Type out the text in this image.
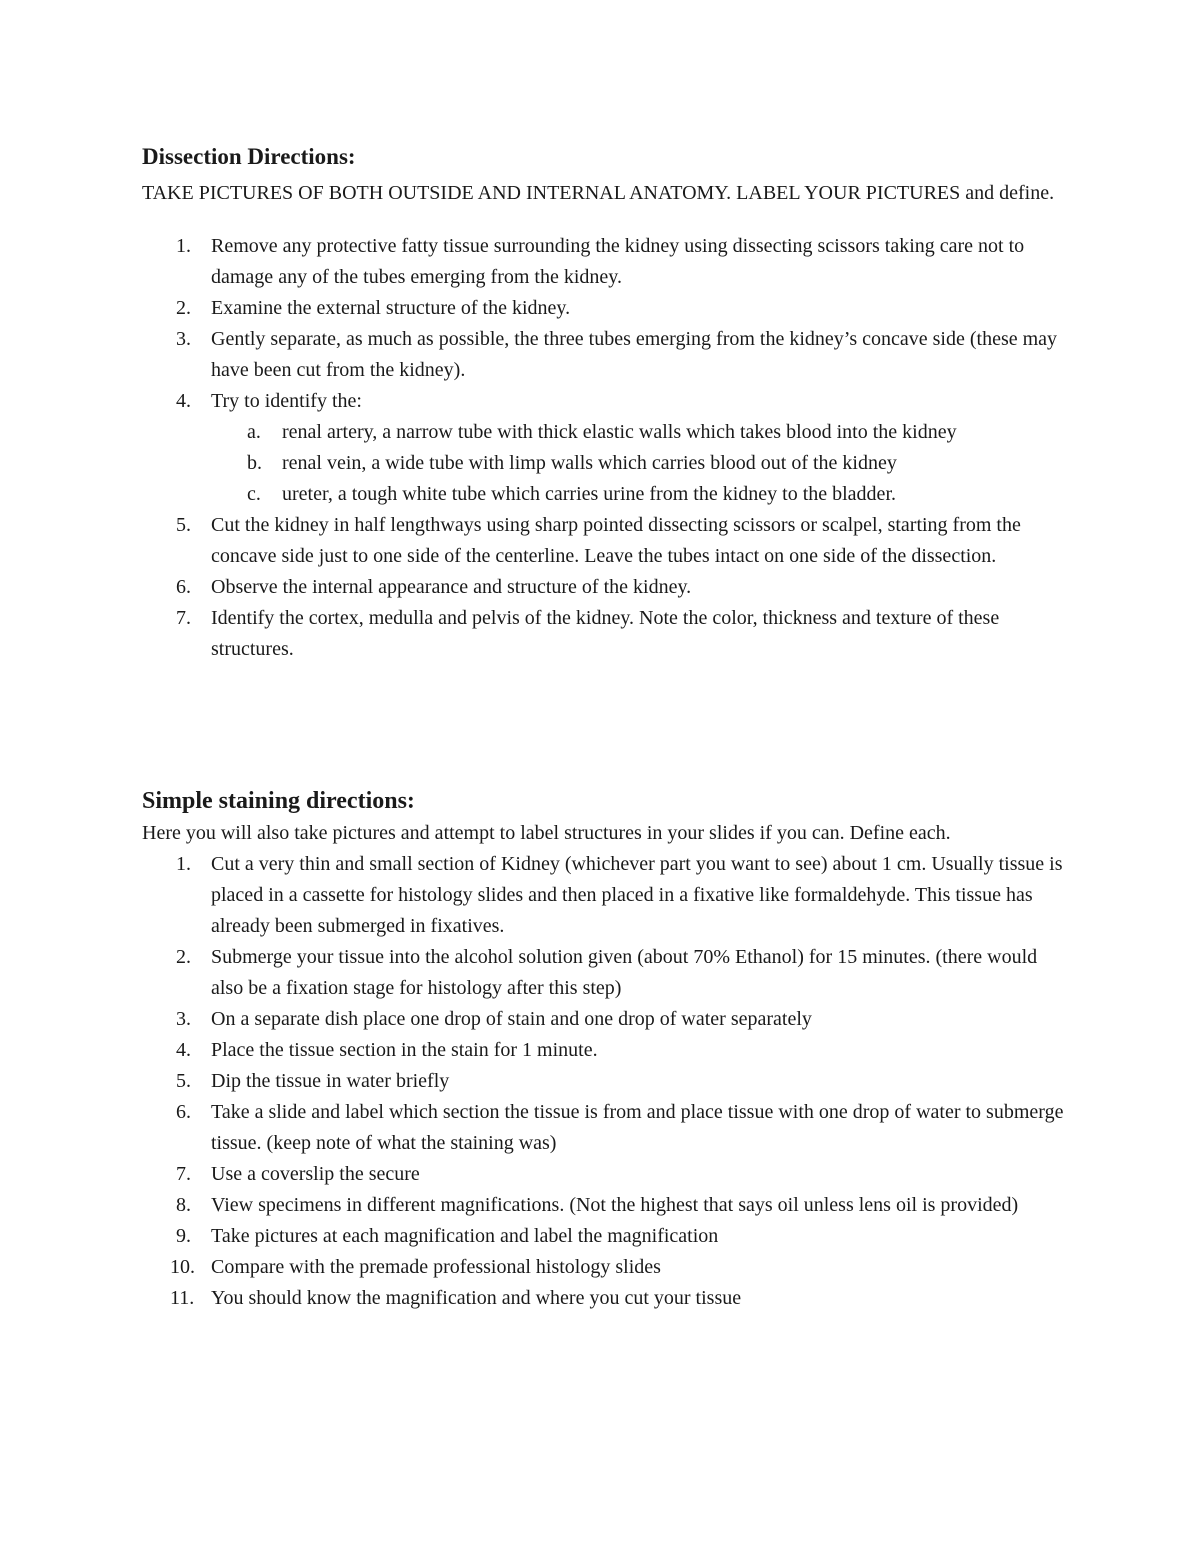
Dissection Directions:

TAKE PICTURES OF BOTH OUTSIDE AND INTERNAL ANATOMY. LABEL YOUR PICTURES and define.

1. Remove any protective fatty tissue surrounding the kidney using dissecting scissors taking care not to damage any of the tubes emerging from the kidney.
2. Examine the external structure of the kidney.
3. Gently separate, as much as possible, the three tubes emerging from the kidney’s concave side (these may have been cut from the kidney).
4. Try to identify the:
a. renal artery, a narrow tube with thick elastic walls which takes blood into the kidney
b. renal vein, a wide tube with limp walls which carries blood out of the kidney
c. ureter, a tough white tube which carries urine from the kidney to the bladder.
5. Cut the kidney in half lengthways using sharp pointed dissecting scissors or scalpel, starting from the concave side just to one side of the centerline. Leave the tubes intact on one side of the dissection.
6. Observe the internal appearance and structure of the kidney.
7. Identify the cortex, medulla and pelvis of the kidney. Note the color, thickness and texture of these structures.
Simple staining directions:

Here you will also take pictures and attempt to label structures in your slides if you can. Define each.

1. Cut a very thin and small section of Kidney (whichever part you want to see) about 1 cm. Usually tissue is placed in a cassette for histology slides and then placed in a fixative like formaldehyde. This tissue has already been submerged in fixatives.
2. Submerge your tissue into the alcohol solution given (about 70% Ethanol) for 15 minutes. (there would also be a fixation stage for histology after this step)
3. On a separate dish place one drop of stain and one drop of water separately
4. Place the tissue section in the stain for 1 minute.
5. Dip the tissue in water briefly
6. Take a slide and label which section the tissue is from and place tissue with one drop of water to submerge tissue. (keep note of what the staining was)
7. Use a coverslip the secure
8. View specimens in different magnifications. (Not the highest that says oil unless lens oil is provided)
9. Take pictures at each magnification and label the magnification
10. Compare with the premade professional histology slides
11. You should know the magnification and where you cut your tissue
